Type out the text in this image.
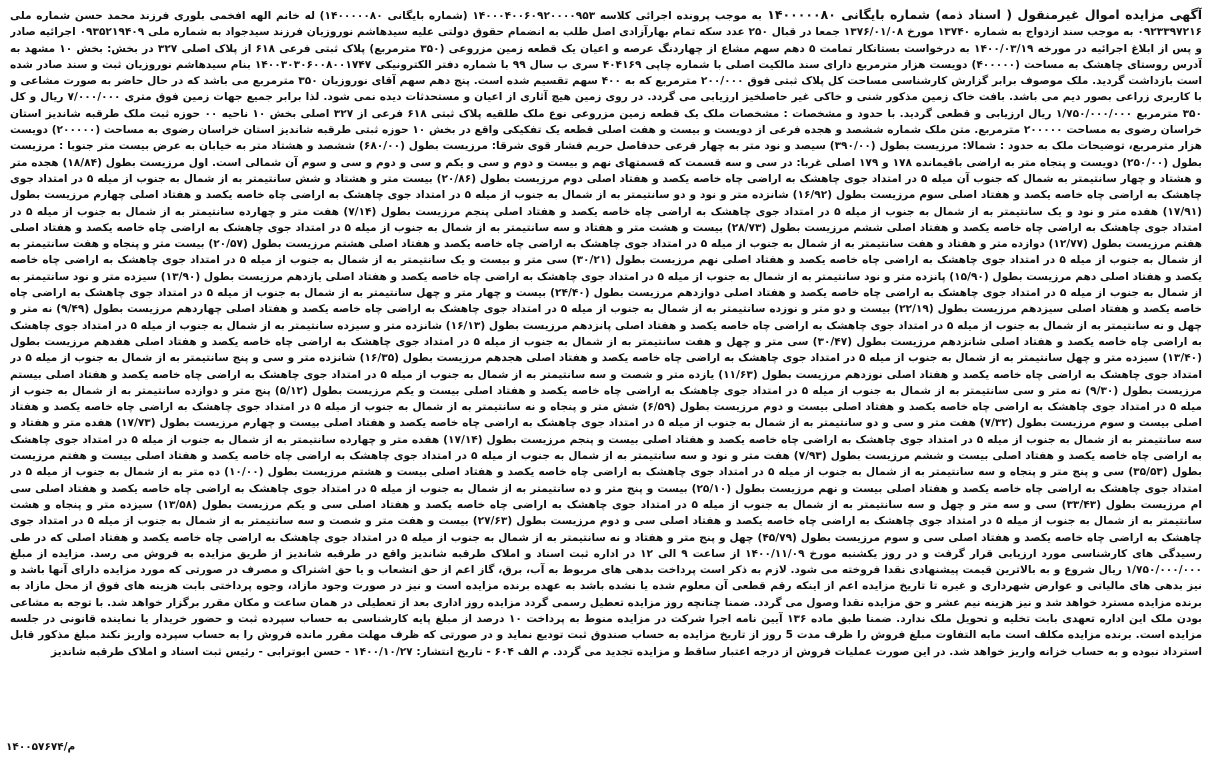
آگهی مزایده اموال غیرمنقول ( اسناد ذمه) شماره بایگانی ۱۴۰۰۰۰۰۸۰ به موجب پرونده اجرائی کلاسه ۱۴۰۰۰۴۰۰۶۰۹۲۰۰۰۰۹۵۳ (شماره بایگانی ۱۴۰۰۰۰۰۸۰) له خانم الهه افخمی بلوری فرزند محمد حسن شماره ملی ۰۹۲۳۳۹۷۲۱۶ به موجب سند ازدواج به شماره ۱۳۷۴۰ مورخ ۱۳۷۶/۰۱/۰۸ جمعا در قبال ۲۵۰ عدد سکه تمام بهارآزادی اصل طلب به انضمام حقوق دولتی علیه سیدهاشم نوروزیان فرزند سیدجواد به شماره ملی ۰۹۳۵۲۱۹۴۰۹ اجرائیه صادر و پس از ابلاغ اجرائیه در مورخه ۱۴۰۰/۰۳/۱۹ به درخواست بستانکار تمامت ۵ دهم سهم مشاع از چهاردنگ عرصه و اعیان یک قطعه زمین مزروعی (۳۵۰ مترمربع) پلاک ثبتی فرعی ۶۱۸ از پلاک اصلی ۳۲۷ در بخش: بخش ۱۰ مشهد به آدرس روستای چاهشک به مساحت (۴۰۰۰۰۰) دویست هزار مترمربع دارای سند مالکیت اصلی با شماره چاپی ۴۰۴۱۶۹ سری ب سال ۹۹ با شماره دفتر الکترونیکی ۱۴۰۰۳۰۳۰۶۰۰۸۰۰۱۷۴۷ بنام سیدهاشم نوروزیان ثبت و سند صادر شده است بازداشت گردید. ملک موصوف برابر گزارش کارشناسی مساحت کل پلاک ثبتی فوق ۲۰۰/۰۰۰ مترمربع که به ۴۰۰ سهم تقسیم شده است. پنج دهم سهم آقای نوروزیان ۳۵۰ مترمربع می باشد که در حال حاضر به صورت مشاعی و با کاربری زراعی بصور دیم می باشد. بافت خاک زمین مذکور شنی و خاکی غیر حاصلخیز ارزیابی می گردد. در روی زمین هیچ آثاری از اعیان و مستحدثات دیده نمی شود. لذا برابر جمیع جهات زمین فوق متری ۷/۰۰۰/۰۰۰ ریال و کل ۳۵۰ مترمربع ۱/۷۵۰/۰۰۰/۰۰۰ ریال ارزیابی و قطعی گردید. با حدود و مشخصات : مشخصات ملک یک قطعه زمین مزروعی نوع ملک طلقیه پلاک ثبتی ۶۱۸ فرعی از ۳۲۷ اصلی بخش ۱۰ ناحیه ۰۰ حوزه ثبت ملک طرقبه شاندیز استان خراسان رضوی به مساحت ۲۰۰۰۰۰ مترمربع. متن ملک شماره ششصد و هجده فرعی از دویست و بیست و هفت اصلی قطعه یک تفکیکی واقع در بخش ۱۰ حوزه ثبتی طرقبه شاندیز استان خراسان رضوی به مساحت (۲۰۰۰۰۰) دویست هزار مترمربع، توضیحات ملک به حدود : شمالا: مرزیست بطول (۳۹۰/۰۰) سیصد و نود متر به چهار فرعی حدفاصل حریم فشار قوی شرقا: مرزیست بطول (۶۸۰/۰۰) ششصد و هشتاد متر به خیابان به عرض بیست متر جنوبا : مرزیست بطول (۲۵۰/۰۰) دویست و پنجاه متر به اراضی باقیمانده ۱۷۸ و ۱۷۹ اصلی غربا: در سی و سه قسمت که قسمتهای نهم و بیست و دوم و سی و یکم و سی و دوم و سی و سوم آن شمالی است. اول مرزیست بطول (۱۸/۸۴) هجده متر و هشتاد و چهار سانتیمتر به شمال که جنوب آن میله ۵ در امتداد جوی چاهشک به اراضی چاه خاصه یکصد و هفتاد اصلی دوم مرزیست بطول (۲۰/۸۶) بیست متر و هشتاد و شش سانتیمتر به از شمال به جنوب از میله ۵ در امتداد جوی چاهشک به اراضی چاه خاصه یکصد و هفتاد اصلی سوم مرزیست بطول (۱۶/۹۲) شانزده متر و نود و دو سانتیمتر به از شمال به جنوب از میله ۵ در امتداد جوی چاهشک به اراضی چاه خاصه یکصد و هفتاد اصلی چهارم مرزیست بطول (۱۷/۹۱) هفده متر و نود و یک سانتیمتر به از شمال به جنوب از میله ۵ در امتداد جوی چاهشک به اراضی چاه خاصه یکصد و هفتاد اصلی پنجم مرزیست بطول (۷/۱۴) هفت متر و چهارده سانتیمتر به از شمال به جنوب از میله ۵ در امتداد جوی چاهشک به اراضی چاه خاصه یکصد و هفتاد اصلی ششم مرزیست بطول (۲۸/۷۳) بیست و هشت متر و هفتاد و سه سانتیمتر به از شمال به جنوب از میله ۵ در امتداد جوی چاهشک به اراضی چاه خاصه یکصد و هفتاد اصلی هفتم مرزیست بطول (۱۲/۷۷) دوازده متر و هفتاد و هفت سانتیمتر به از شمال به جنوب از میله ۵ در امتداد جوی چاهشک به اراضی چاه خاصه یکصد و هفتاد اصلی هشتم مرزیست بطول (۲۰/۵۷) بیست متر و پنجاه و هفت سانتیمتر به از شمال به جنوب از میله ۵ در امتداد جوی چاهشک به اراضی چاه خاصه یکصد و هفتاد اصلی نهم مرزیست بطول (۳۰/۲۱) سی متر و بیست و یک سانتیمتر به از شمال به جنوب از میله ۵ در امتداد جوی چاهشک به اراضی چاه خاصه یکصد و هفتاد اصلی دهم مرزیست بطول (۱۵/۹۰) پانزده متر و نود سانتیمتر به از شمال به جنوب از میله ۵ در امتداد جوی چاهشک به اراضی چاه خاصه یکصد و هفتاد اصلی یازدهم مرزیست بطول (۱۳/۹۰) سیزده متر و نود سانتیمتر به از شمال به جنوب از میله ۵ در امتداد جوی چاهشک به اراضی چاه خاصه یکصد و هفتاد اصلی دوازدهم مرزیست بطول (۲۴/۴۰) بیست و چهار متر و چهل سانتیمتر به از شمال به جنوب از میله ۵ در امتداد جوی چاهشک به اراضی چاه خاصه یکصد و هفتاد اصلی سیزدهم مرزیست بطول (۲۲/۱۹) بیست و دو متر و نوزده سانتیمتر به از شمال به جنوب از میله ۵ در امتداد جوی چاهشک به اراضی چاه خاصه یکصد و هفتاد اصلی چهاردهم مرزیست بطول (۹/۴۹) نه متر و چهل و نه سانتیمتر به از شمال به جنوب از میله ۵ در امتداد جوی چاهشک به اراضی چاه خاصه یکصد و هفتاد اصلی پانزدهم مرزیست بطول (۱۶/۱۳) شانزده متر و سیزده سانتیمتر به از شمال به جنوب از میله ۵ در امتداد جوی چاهشک به اراضی چاه خاصه یکصد و هفتاد اصلی شانزدهم مرزیست بطول (۳۰/۴۷) سی متر و چهل و هفت سانتیمتر به از شمال به جنوب از میله ۵ در امتداد جوی چاهشک به اراضی چاه خاصه یکصد و هفتاد اصلی هفدهم مرزیست بطول (۱۳/۴۰) سیزده متر و چهل سانتیمتر به از شمال به جنوب از میله ۵ در امتداد جوی چاهشک به اراضی چاه خاصه یکصد و هفتاد اصلی هجدهم مرزیست بطول (۱۶/۳۵) شانزده متر و سی و پنج سانتیمتر به از شمال به جنوب از میله ۵ در امتداد جوی چاهشک به اراضی چاه خاصه یکصد و هفتاد اصلی نوزدهم مرزیست بطول (۱۱/۶۳) یازده متر و شصت و سه سانتیمتر به از شمال به جنوب از میله ۵ در امتداد جوی چاهشک به اراضی چاه خاصه یکصد و هفتاد اصلی بیستم مرزیست بطول (۹/۳۰) نه متر و سی سانتیمتر به از شمال به جنوب از میله ۵ در امتداد جوی چاهشک به اراضی چاه خاصه یکصد و هفتاد اصلی بیست و یکم مرزیست بطول (۵/۱۲) پنج متر و دوازده سانتیمتر به از شمال به جنوب از میله ۵ در امتداد جوی چاهشک به اراضی چاه خاصه یکصد و هفتاد اصلی بیست و دوم مرزیست بطول (۶/۵۹) شش متر و پنجاه و نه سانتیمتر به از شمال به جنوب از میله ۵ در امتداد جوی چاهشک به اراضی چاه خاصه یکصد و هفتاد اصلی بیست و سوم مرزیست بطول (۷/۳۲) هفت متر و سی و دو سانتیمتر به از شمال به جنوب از میله ۵ در امتداد جوی چاهشک به اراضی چاه خاصه یکصد و هفتاد اصلی بیست و چهارم مرزیست بطول (۱۷/۷۳) هفده متر و هفتاد و سه سانتیمتر به از شمال به جنوب از میله ۵ در امتداد جوی چاهشک به اراضی چاه خاصه یکصد و هفتاد اصلی بیست و پنجم مرزیست بطول (۱۷/۱۴) هفده متر و چهارده سانتیمتر به از شمال به جنوب از میله ۵ در امتداد جوی چاهشک به اراضی چاه خاصه یکصد و هفتاد اصلی بیست و ششم مرزیست بطول (۷/۹۳) هفت متر و نود و سه سانتیمتر به از شمال به جنوب از میله ۵ در امتداد جوی چاهشک به اراضی چاه خاصه یکصد و هفتاد اصلی بیست و هفتم مرزیست بطول (۳۵/۵۳) سی و پنج متر و پنجاه و سه سانتیمتر به از شمال به جنوب از میله ۵ در امتداد جوی چاهشک به اراضی چاه خاصه یکصد و هفتاد اصلی بیست و هشتم مرزیست بطول (۱۰/۰۰) ده متر به از شمال به جنوب از میله ۵ در امتداد جوی چاهشک به اراضی چاه خاصه یکصد و هفتاد اصلی بیست و نهم مرزیست بطول (۲۵/۱۰) بیست و پنج متر و ده سانتیمتر به از شمال به جنوب از میله ۵ در امتداد جوی چاهشک به اراضی چاه خاصه یکصد و هفتاد اصلی سی ام مرزیست بطول (۳۳/۴۳) سی و سه متر و چهل و سه سانتیمتر به از شمال به جنوب از میله ۵ در امتداد جوی چاهشک به اراضی چاه خاصه یکصد و هفتاد اصلی سی و یکم مرزیست بطول (۱۳/۵۸) سیزده متر و پنجاه و هشت سانتیمتر به از شمال به جنوب از میله ۵ در امتداد جوی چاهشک به اراضی چاه خاصه یکصد و هفتاد اصلی سی و دوم مرزیست بطول (۲۷/۶۳) بیست و هفت متر و شصت و سه سانتیمتر به از شمال به جنوب از میله ۵ در امتداد جوی چاهشک به اراضی چاه خاصه یکصد و هفتاد اصلی سی و سوم مرزیست بطول (۴۵/۷۹) چهل و پنج متر و هفتاد و نه سانتیمتر به از شمال به جنوب از میله ۵ در امتداد جوی چاهشک به اراضی چاه خاصه یکصد و هفتاد اصلی که در طی رسیدگی های کارشناسی مورد ارزیابی قرار گرفت و در روز یکشنبه مورخ ۱۴۰۰/۱۱/۰۹ از ساعت ۹ الی ۱۲ در اداره ثبت اسناد و املاک طرقبه شاندیز واقع در طرقبه شاندیز از طریق مزایده به فروش می رسد. مزایده از مبلغ ۱/۷۵۰/۰۰۰/۰۰۰ ریال شروع و به بالاترین قیمت پیشنهادی نقدا فروخته می شود. لازم به ذکر است پرداخت بدهی های مربوط به آب، برق، گاز اعم از حق انشعاب و یا حق اشتراک و مصرف در صورتی که مورد مزایده دارای آنها باشد و نیز بدهی های مالیاتی و عوارض شهرداری و غیره تا تاریخ مزایده اعم از اینکه رقم قطعی آن معلوم شده یا نشده باشد به عهده برنده مزایده است و نیز در صورت وجود مازاد، وجوه پرداختی بابت هزینه های فوق از محل مازاد به برنده مزایده مسترد خواهد شد و نیز هزینه نیم عشر و حق مزایده نقدا وصول می گردد. ضمنا چنانچه روز مزایده تعطیل رسمی گردد مزایده روز اداری بعد از تعطیلی در همان ساعت و مکان مقرر برگزار خواهد شد. با توجه به مشاعی بودن ملک این اداره تعهدی بابت تخلیه و تحویل ملک ندارد. ضمنا طبق ماده ۱۳۶ آیین نامه اجرا شرکت در مزایده منوط به پرداخت ۱۰ درصد از مبلغ پایه کارشناسی به حساب سپرده ثبت و حضور خریدار یا نماینده قانونی در جلسه مزایده است. برنده مزایده مکلف است مابه التفاوت مبلغ فروش را ظرف مدت 5 روز از تاریخ مزایده به حساب صندوق ثبت تودیع نماید و در صورتی که ظرف مهلت مقرر مانده فروش را به حساب سپرده واریز نکند مبلغ مذکور قابل استرداد نبوده و به حساب خزانه واریز خواهد شد. در این صورت عملیات فروش از درجه اعتبار ساقط و مزایده تجدید می گردد. م الف ۶۰۴ - تاریخ انتشار: ۱۴۰۰/۱۰/۲۷ - حسن ابوترابی - رئیس ثبت اسناد و املاک طرقبه شاندیز
م/۱۴۰۰۵۷۶۷۴
